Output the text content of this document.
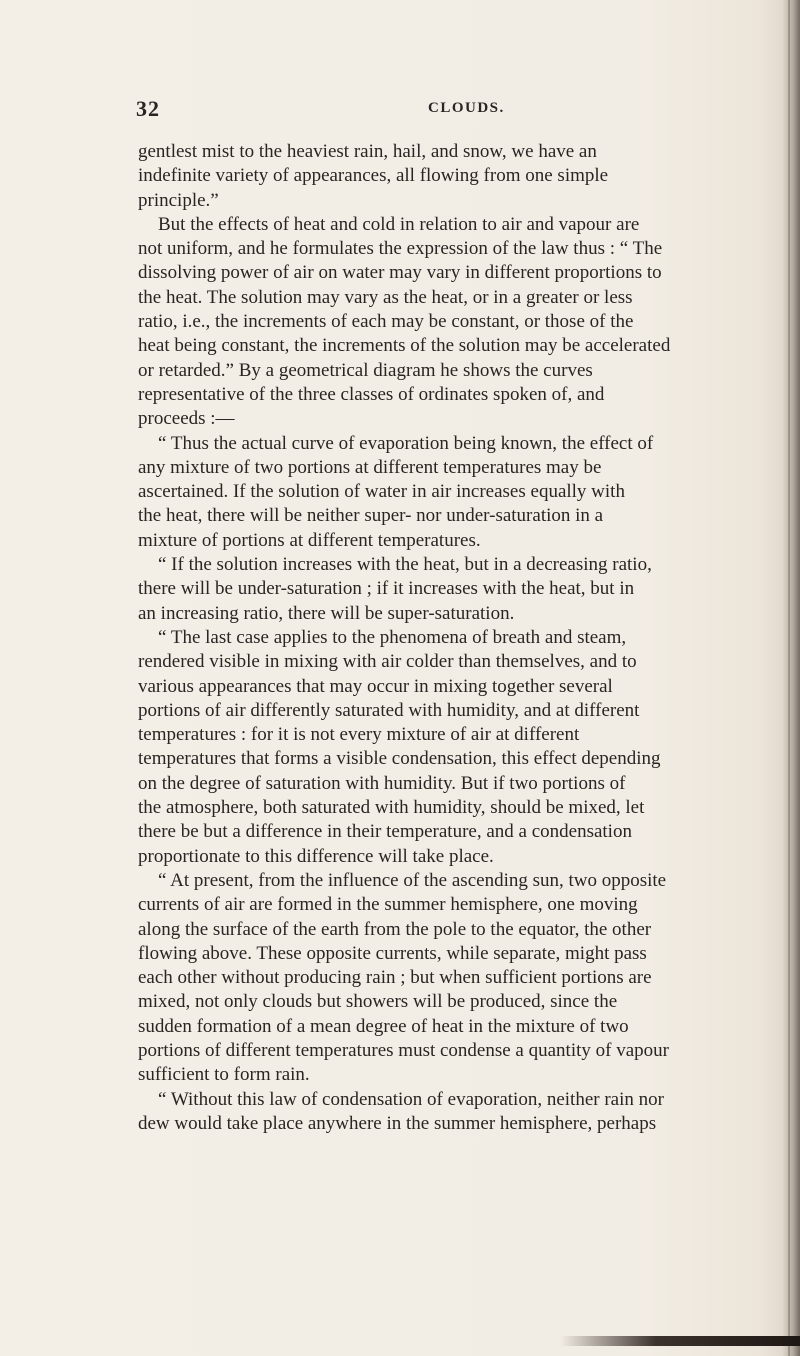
32	CLOUDS.
gentlest mist to the heaviest rain, hail, and snow, we have an
indefinite variety of appearances, all flowing from one simple
principle.”
But the effects of heat and cold in relation to air and vapour are
not uniform, and he formulates the expression of the law thus : “ The
dissolving power of air on water may vary in different proportions to
the heat. The solution may vary as the heat, or in a greater or less
ratio, i.e., the increments of each may be constant, or those of the
heat being constant, the increments of the solution may be accelerated
or retarded.” By a geometrical diagram he shows the curves
representative of the three classes of ordinates spoken of, and
proceeds :—
“ Thus the actual curve of evaporation being known, the effect of
any mixture of two portions at different temperatures may be
ascertained. If the solution of water in air increases equally with
the heat, there will be neither super- nor under-saturation in a
mixture of portions at different temperatures.
“ If the solution increases with the heat, but in a decreasing ratio,
there will be under-saturation ; if it increases with the heat, but in
an increasing ratio, there will be super-saturation.
“ The last case applies to the phenomena of breath and steam,
rendered visible in mixing with air colder than themselves, and to
various appearances that may occur in mixing together several
portions of air differently saturated with humidity, and at different
temperatures : for it is not every mixture of air at different
temperatures that forms a visible condensation, this effect depending
on the degree of saturation with humidity. But if two portions of
the atmosphere, both saturated with humidity, should be mixed, let
there be but a difference in their temperature, and a condensation
proportionate to this difference will take place.
“ At present, from the influence of the ascending sun, two opposite
currents of air are formed in the summer hemisphere, one moving
along the surface of the earth from the pole to the equator, the other
flowing above. These opposite currents, while separate, might pass
each other without producing rain ; but when sufficient portions are
mixed, not only clouds but showers will be produced, since the
sudden formation of a mean degree of heat in the mixture of two
portions of different temperatures must condense a quantity of vapour
sufficient to form rain.
“ Without this law of condensation of evaporation, neither rain nor
dew would take place anywhere in the summer hemisphere, perhaps
